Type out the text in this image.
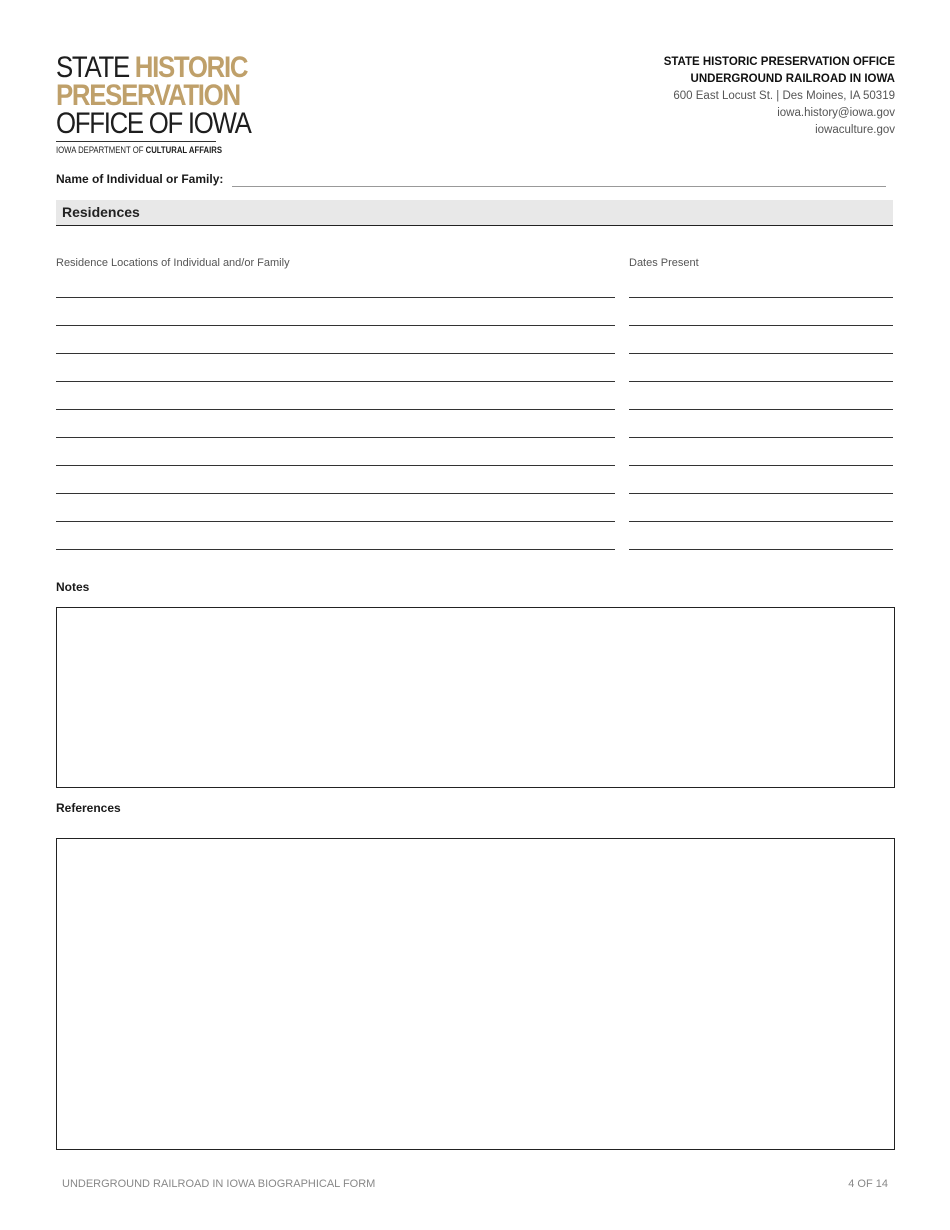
STATE HISTORIC
PRESERVATION
OFFICE OF IOWA
IOWA DEPARTMENT OF CULTURAL AFFAIRS
STATE HISTORIC PRESERVATION OFFICE
UNDERGROUND RAILROAD IN IOWA
600 East Locust St. | Des Moines, IA 50319
iowa.history@iowa.gov
iowaculture.gov
Name of Individual or Family:
Residences
Residence Locations of Individual and/or Family	Dates Present
Notes
References
UNDERGROUND RAILROAD IN IOWA BIOGRAPHICAL FORM	4 OF 14
